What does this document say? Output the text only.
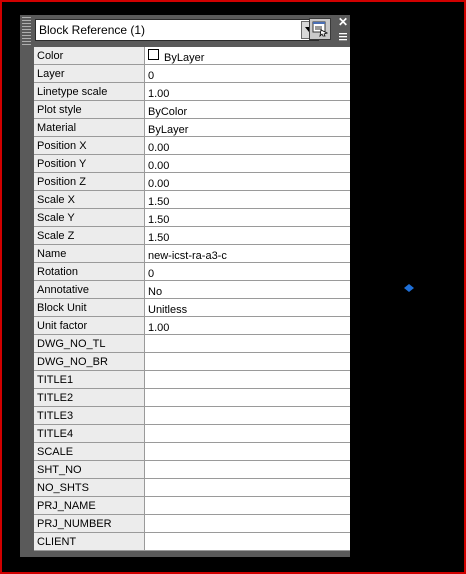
Block Reference (1)
✕
Color	ByLayer
Layer	0
Linetype scale	1.00
Plot style	ByColor
Material	ByLayer
Position X	0.00
Position Y	0.00
Position Z	0.00
Scale X	1.50
Scale Y	1.50
Scale Z	1.50
Name	new-icst-ra-a3-c
Rotation	0
Annotative	No
Block Unit	Unitless
Unit factor	1.00
DWG_NO_TL	
DWG_NO_BR	
TITLE1	
TITLE2	
TITLE3	
TITLE4	
SCALE	
SHT_NO	
NO_SHTS	
PRJ_NAME	
PRJ_NUMBER	
CLIENT	
